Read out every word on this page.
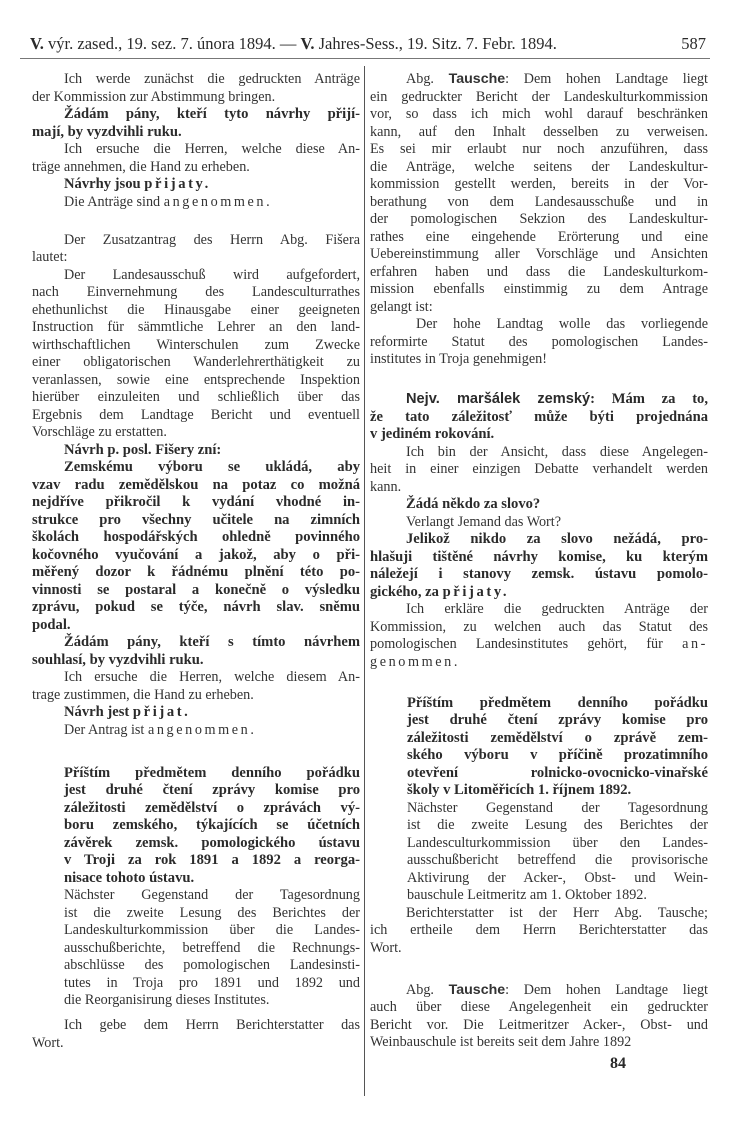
V. výr. zased., 19. sez. 7. února 1894. — V. Jahres-Sess., 19. Sitz. 7. Febr. 1894.	587
Ich werde zunächst die gedruckten Anträge
der Kommission zur Abstimmung bringen.
Žádám pány, kteří tyto návrhy přijí-
mají, by vyzdvihli ruku.
Ich ersuche die Herren, welche diese An-
träge annehmen, die Hand zu erheben.
Návrhy jsou přijaty.
Die Anträge sind angenommen.
Der Zusatzantrag des Herrn Abg. Fišera
lautet:
Der Landesausschuß wird aufgefordert,
nach Einvernehmung des Landesculturrathes
ehethunlichst die Hinausgabe einer geeigneten
Instruction für sämmtliche Lehrer an den land-
wirthschaftlichen Winterschulen zum Zwecke
einer obligatorischen Wanderlehrerthätigkeit zu
veranlassen, sowie eine entsprechende Inspektion
hierüber einzuleiten und schließlich über das
Ergebnis dem Landtage Bericht und eventuell
Vorschläge zu erstatten.
Návrh p. posl. Fišery zní:
Zemskému výboru se ukládá, aby
vzav radu zemědělskou na potaz co možná
nejdříve přikročil k vydání vhodné in-
strukce pro všechny učitele na zimních
školách hospodářských ohledně povinného
kočovného vyučování a jakož, aby o při-
měřený dozor k řádnému plnění této po-
vinnosti se postaral a konečně o výsledku
zprávu, pokud se týče, návrh slav. sněmu
podal.
Žádám pány, kteří s tímto návrhem
souhlasí, by vyzdvihli ruku.
Ich ersuche die Herren, welche diesem An-
trage zustimmen, die Hand zu erheben.
Návrh jest přijat.
Der Antrag ist angenommen.
Příštím předmětem denního pořádku
jest druhé čtení zprávy komise pro
záležitosti zemědělství o zprávách vý-
boru zemského, týkajících se účetních
závěrek zemsk. pomologického ústavu
v Troji za rok 1891 a 1892 a reorga-
nisace tohoto ústavu.
Nächster Gegenstand der Tagesordnung
ist die zweite Lesung des Berichtes der
Landeskulturkommission über die Landes-
ausschußberichte, betreffend die Rechnungs-
abschlüsse des pomologischen Landesinsti-
tutes in Troja pro 1891 und 1892 und
die Reorganisirung dieses Institutes.
Ich gebe dem Herrn Berichterstatter das
Wort.
Abg. Tausche: Dem hohen Landtage liegt
ein gedruckter Bericht der Landeskulturkommission
vor, so dass ich mich wohl darauf beschränken
kann, auf den Inhalt desselben zu verweisen.
Es sei mir erlaubt nur noch anzuführen, dass
die Anträge, welche seitens der Landeskultur-
kommission gestellt werden, bereits in der Vor-
berathung von dem Landesausschuße und in
der pomologischen Sekzion des Landeskultur-
rathes eine eingehende Erörterung und eine
Uebereinstimmung aller Vorschläge und Ansichten
erfahren haben und dass die Landeskulturkom-
mission ebenfalls einstimmig zu dem Antrage
gelangt ist:
Der hohe Landtag wolle das vorliegende
reformirte Statut des pomologischen Landes-
institutes in Troja genehmigen!
Nejv. maršálek zemský: Mám za to,
že tato záležitosť může býti projednána
v jediném rokování.
Ich bin der Ansicht, dass diese Angelegen-
heit in einer einzigen Debatte verhandelt werden
kann.
Žádá někdo za slovo?
Verlangt Jemand das Wort?
Jelikož nikdo za slovo nežádá, pro-
hlašuji tištěné návrhy komise, ku kterým
náležejí i stanovy zemsk. ústavu pomolo-
gického, za přijaty.
Ich erkläre die gedruckten Anträge der
Kommission, zu welchen auch das Statut des
pomologischen Landesinstitutes gehört, für an-
genommen.
Příštím předmětem denního pořádku
jest druhé čtení zprávy komise pro
záležitosti zemědělství o zprávě zem-
ského výboru v příčině prozatimního
otevření rolnicko-ovocnicko-vinařské
školy v Litoměřicích 1. říjnem 1892.
Nächster Gegenstand der Tagesordnung
ist die zweite Lesung des Berichtes der
Landesculturkommission über den Landes-
ausschußbericht betreffend die provisorische
Aktivirung der Acker-, Obst- und Wein-
bauschule Leitmeritz am 1. Oktober 1892.
Berichterstatter ist der Herr Abg. Tausche;
ich ertheile dem Herrn Berichterstatter das
Wort.
Abg. Tausche: Dem hohen Landtage liegt
auch über diese Angelegenheit ein gedruckter
Bericht vor. Die Leitmeritzer Acker-, Obst- und
Weinbauschule ist bereits seit dem Jahre 1892
84
